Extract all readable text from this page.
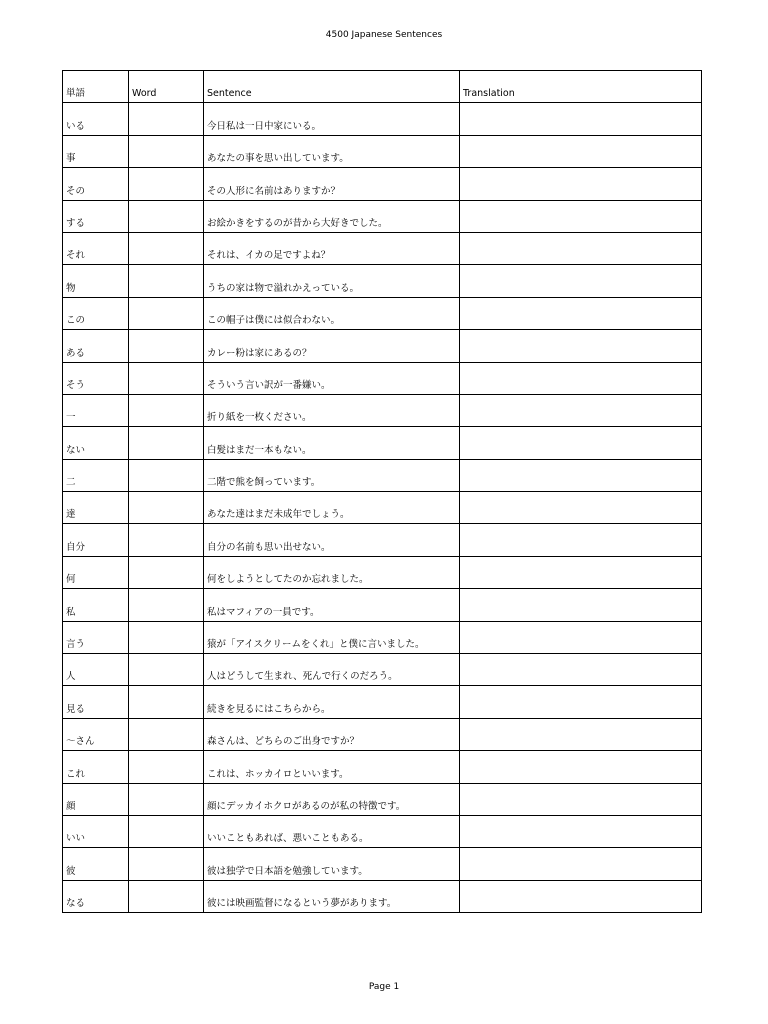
4500 Japanese Sentences
単語	Word	Sentence	Translation
いる		今日私は一日中家にいる。	
事		あなたの事を思い出しています。	
その		その人形に名前はありますか？	
する		お絵かきをするのが昔から大好きでした。	
それ		それは、イカの足ですよね？	
物		うちの家は物で溢れかえっている。	
この		この帽子は僕には似合わない。	
ある		カレー粉は家にあるの？	
そう		そういう言い訳が一番嫌い。	
一		折り紙を一枚ください。	
ない		白髪はまだ一本もない。	
二		二階で熊を飼っています。	
達		あなた達はまだ未成年でしょう。	
自分		自分の名前も思い出せない。	
何		何をしようとしてたのか忘れました。	
私		私はマフィアの一員です。	
言う		猿が「アイスクリームをくれ」と僕に言いました。	
人		人はどうして生まれ、死んで行くのだろう。	
見る		続きを見るにはこちらから。	
～さん		森さんは、どちらのご出身ですか？	
これ		これは、ホッカイロといいます。	
顔		顔にデッカイホクロがあるのが私の特徴です。	
いい		いいこともあれば、悪いこともある。	
彼		彼は独学で日本語を勉強しています。	
なる		彼には映画監督になるという夢があります。	
Page 1
